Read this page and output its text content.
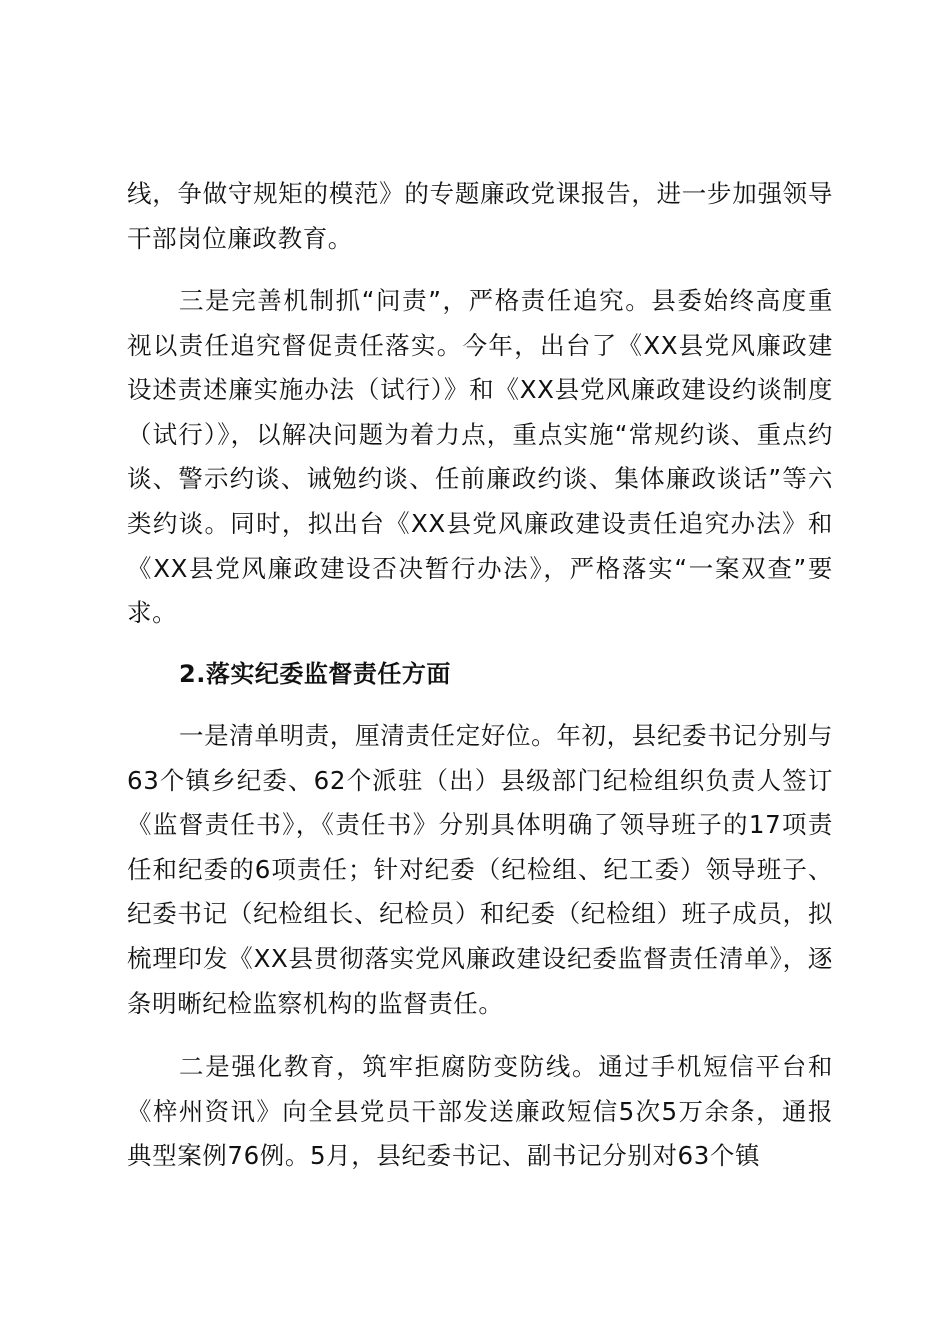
线，争做守规矩的模范》的专题廉政党课报告，进一步加强领导干部岗位廉政教育。

三是完善机制抓“问责”，严格责任追究。县委始终高度重视以责任追究督促责任落实。今年，出台了《XX县党风廉政建设述责述廉实施办法（试行）》和《XX县党风廉政建设约谈制度（试行）》，以解决问题为着力点，重点实施“常规约谈、重点约谈、警示约谈、诫勉约谈、任前廉政约谈、集体廉政谈话”等六类约谈。同时，拟出台《XX县党风廉政建设责任追究办法》和《XX县党风廉政建设否决暂行办法》，严格落实“一案双查”要求。

2.落实纪委监督责任方面

一是清单明责，厘清责任定好位。年初，县纪委书记分别与63个镇乡纪委、62个派驻（出）县级部门纪检组织负责人签订《监督责任书》，《责任书》分别具体明确了领导班子的17项责任和纪委的6项责任；针对纪委（纪检组、纪工委）领导班子、纪委书记（纪检组长、纪检员）和纪委（纪检组）班子成员，拟梳理印发《XX县贯彻落实党风廉政建设纪委监督责任清单》，逐条明晰纪检监察机构的监督责任。

二是强化教育，筑牢拒腐防变防线。通过手机短信平台和《梓州资讯》向全县党员干部发送廉政短信5次5万余条，通报典型案例76例。5月，县纪委书记、副书记分别对63个镇
